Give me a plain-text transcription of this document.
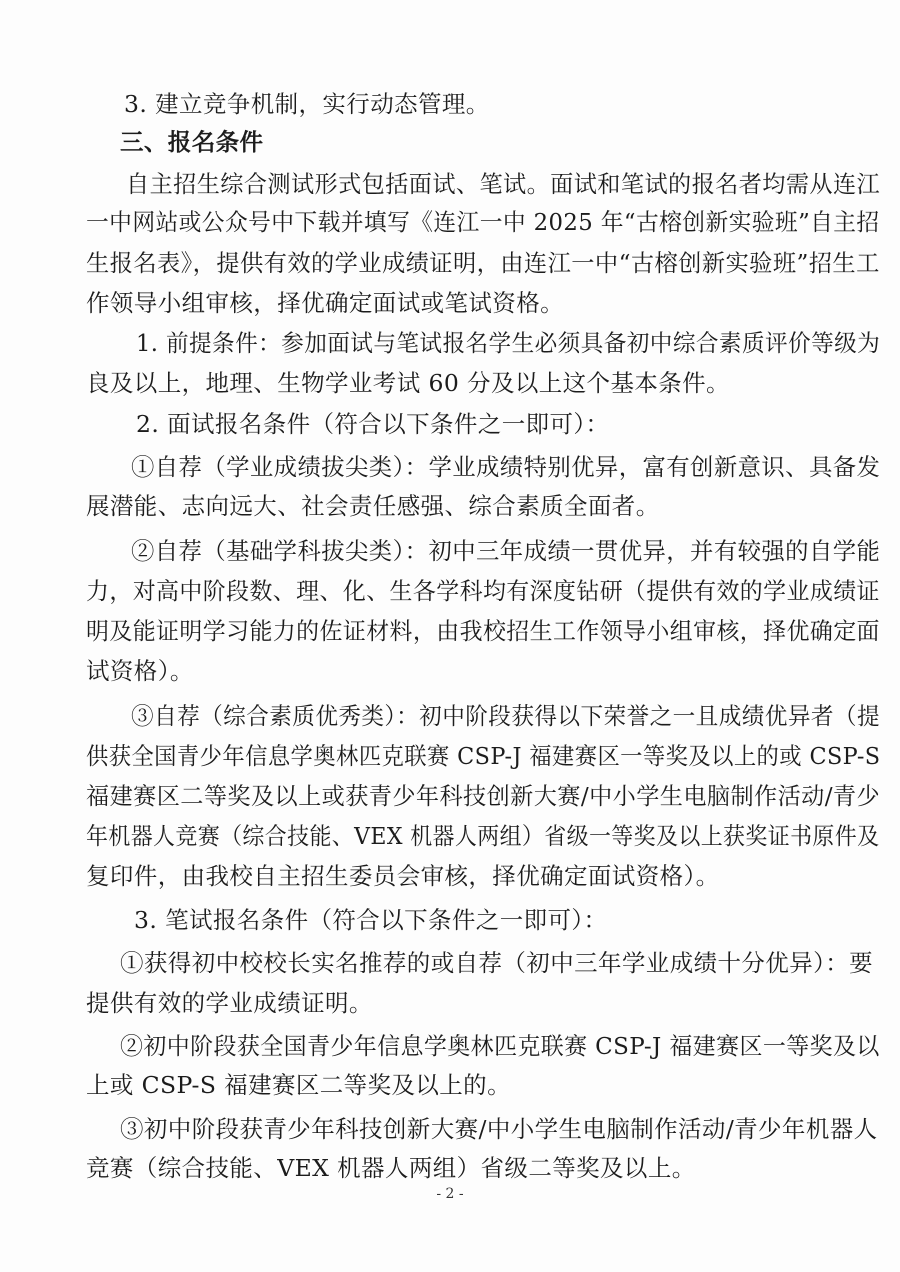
3. 建立竞争机制，实行动态管理。
三、报名条件
自主招生综合测试形式包括面试、笔试。面试和笔试的报名者均需从连江
一中网站或公众号中下载并填写《连江一中 2025 年“古榕创新实验班”自主招
生报名表》，提供有效的学业成绩证明，由连江一中“古榕创新实验班”招生工
作领导小组审核，择优确定面试或笔试资格。
1. 前提条件：参加面试与笔试报名学生必须具备初中综合素质评价等级为
良及以上，地理、生物学业考试 60 分及以上这个基本条件。
2. 面试报名条件（符合以下条件之一即可）：
①自荐（学业成绩拔尖类）：学业成绩特别优异，富有创新意识、具备发
展潜能、志向远大、社会责任感强、综合素质全面者。
②自荐（基础学科拔尖类）：初中三年成绩一贯优异，并有较强的自学能
力，对高中阶段数、理、化、生各学科均有深度钻研（提供有效的学业成绩证
明及能证明学习能力的佐证材料，由我校招生工作领导小组审核，择优确定面
试资格）。
③自荐（综合素质优秀类）：初中阶段获得以下荣誉之一且成绩优异者（提
供获全国青少年信息学奥林匹克联赛 CSP-J 福建赛区一等奖及以上的或 CSP-S
福建赛区二等奖及以上或获青少年科技创新大赛/中小学生电脑制作活动/青少
年机器人竞赛（综合技能、VEX 机器人两组）省级一等奖及以上获奖证书原件及
复印件，由我校自主招生委员会审核，择优确定面试资格）。
3. 笔试报名条件（符合以下条件之一即可）：
①获得初中校校长实名推荐的或自荐（初中三年学业成绩十分优异）：要
提供有效的学业成绩证明。
②初中阶段获全国青少年信息学奥林匹克联赛 CSP-J 福建赛区一等奖及以
上或 CSP-S 福建赛区二等奖及以上的。
③初中阶段获青少年科技创新大赛/中小学生电脑制作活动/青少年机器人
竞赛（综合技能、VEX 机器人两组）省级二等奖及以上。
- 2 -
